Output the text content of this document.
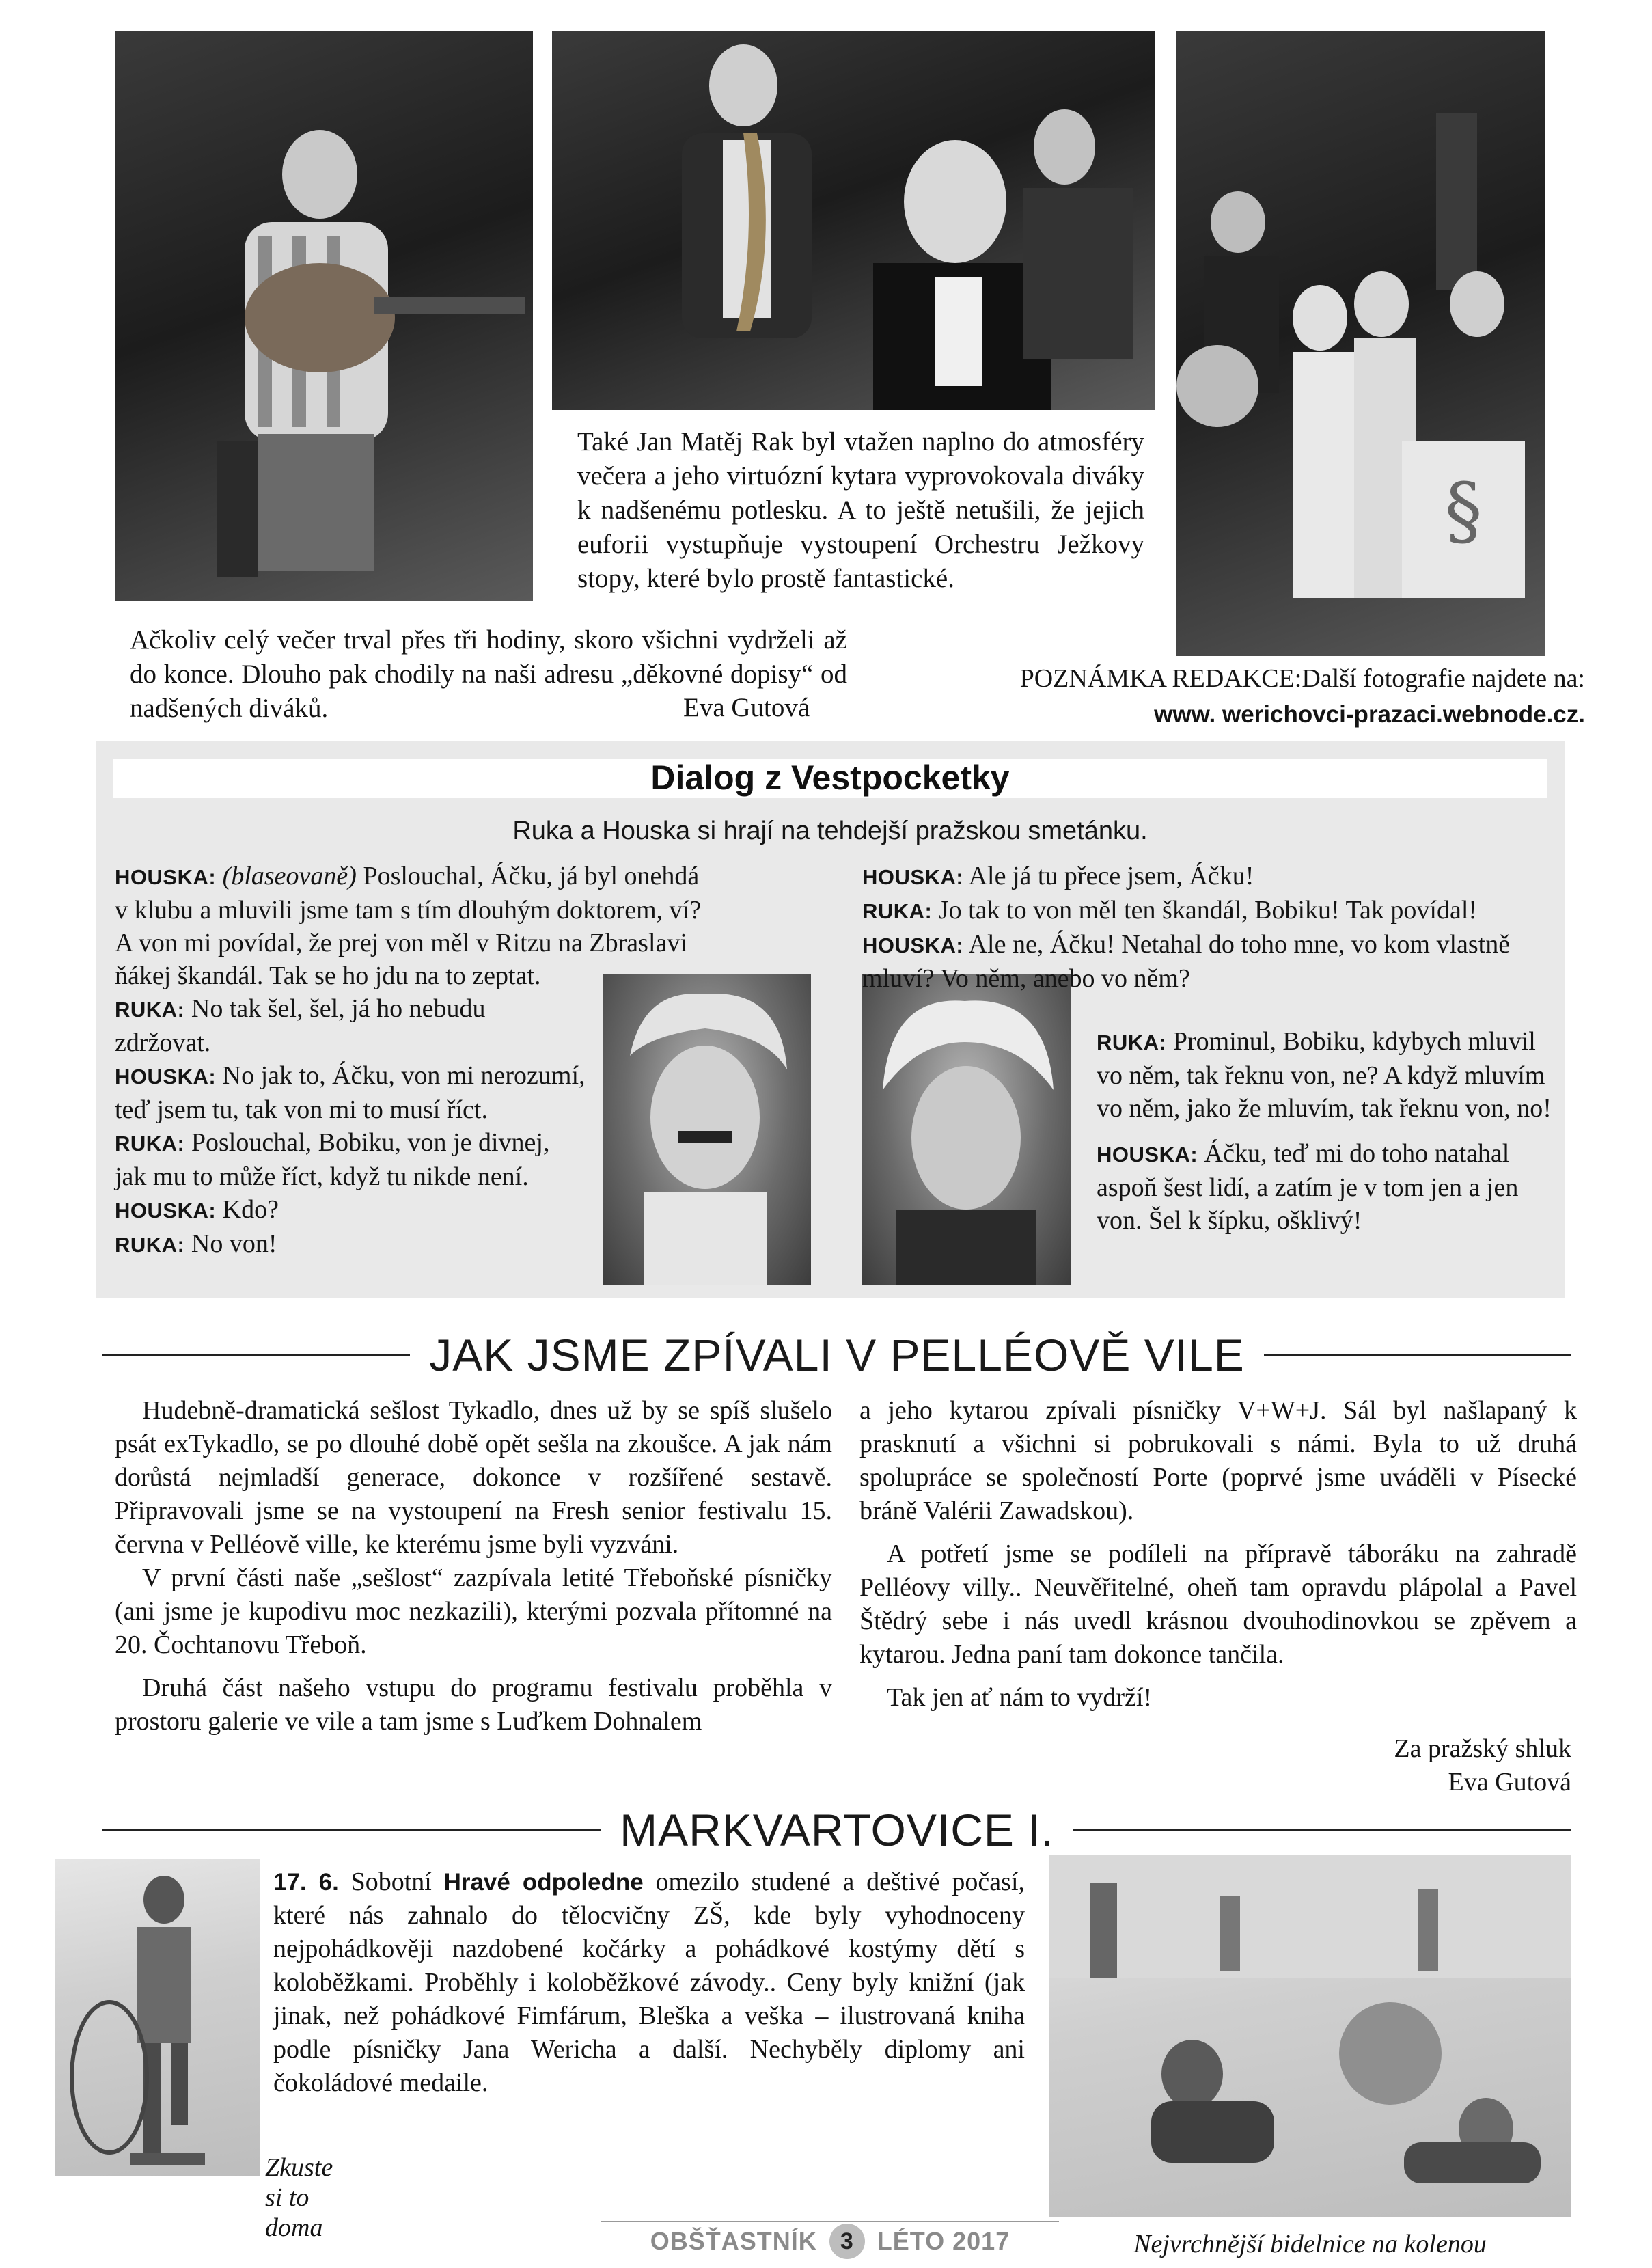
§
Také Jan Matěj Rak byl vtažen naplno do atmosféry večera a jeho virtuózní kytara vyprovokovala diváky k nadšenému potlesku. A to ještě netušili, že jejich euforii vystupňuje vystoupení Orchestru Ježkovy stopy, které bylo prostě fantastické.
Ačkoliv celý večer trval přes tři hodiny, skoro všichni vydrželi až do konce. Dlouho pak chodily na naši adresu „děkovné dopisy“ od nadšených diváků.	Eva Gutová
POZNÁMKA REDAKCE:Další fotografie najdete na:
www. werichovci-prazaci.webnode.cz.
Dialog z Vestpocketky
Ruka a Houska si hrají na tehdejší pražskou smetánku.

HOUSKA: (blaseovaně) Poslouchal, Áčku, já byl onehdá v klubu a mluvili jsme tam s tím dlouhým doktorem, ví? A von mi povídal, že prej von měl v Ritzu na Zbraslavi ňákej škandál. Tak se ho jdu na to zeptat.

RUKA: No tak šel, šel, já ho nebudu zdržovat.

HOUSKA: No jak to, Áčku, von mi nerozumí, teď jsem tu, tak von mi to musí říct.

RUKA: Poslouchal, Bobiku, von je divnej, jak mu to může říct, když tu nikde není.

HOUSKA: Kdo?

RUKA: No von!

HOUSKA: Ale já tu přece jsem, Áčku!

RUKA: Jo tak to von měl ten škandál, Bobiku! Tak povídal!

HOUSKA: Ale ne, Áčku! Netahal do toho mne, vo kom vlastně mluví? Vo něm, anebo vo něm?

RUKA: Prominul, Bobiku, kdybych mluvil vo něm, tak řeknu von, ne? A když mluvím vo něm, jako že mluvím, tak řeknu von, no!

HOUSKA: Áčku, teď mi do toho natahal aspoň šest lidí, a zatím je v tom jen a jen von. Šel k šípku, ošklivý!

JAK JSME ZPÍVALI V PELLÉOVĚ VILE

Hudebně-dramatická sešlost Tykadlo, dnes už by se spíš slušelo psát exTykadlo, se po dlouhé době opět sešla na zkoušce. A jak nám dorůstá nejmladší generace, dokonce v rozšířené sestavě. Připravovali jsme se na vystoupení na Fresh senior festivalu 15. června v Pelléově ville, ke kterému jsme byli vyzváni.

V první části naše „sešlost“ zazpívala letité Třeboňské písničky (ani jsme je kupodivu moc nezkazili), kterými pozvala přítomné na 20. Čochtanovu Třeboň.

Druhá část našeho vstupu do programu festivalu proběhla v prostoru galerie ve vile a tam jsme s Luďkem Dohnalem

a jeho kytarou zpívali písničky V+W+J. Sál byl našlapaný k prasknutí a všichni si pobrukovali s námi. Byla to už druhá spolupráce se společností Porte (poprvé jsme uváděli v Písecké bráně Valérii Zawadskou).

A potřetí jsme se podíleli na přípravě táboráku na zahradě Pelléovy villy.. Neuvěřitelné, oheň tam opravdu plápolal a Pavel Štědrý sebe i nás uvedl krásnou dvouhodinovkou se zpěvem a kytarou. Jedna paní tam dokonce tančila.

Tak jen ať nám to vydrží!

Za pražský shluk
Eva Gutová
MARKVARTOVICE I.
Zkuste
si to
doma
17. 6. Sobotní Hravé odpoledne omezilo studené a deštivé počasí, které nás zahnalo do tělocvičny ZŠ, kde byly vyhodnoceny nejpohádkověji nazdobené kočárky a pohádkové kostýmy dětí s koloběžkami. Proběhly i koloběžkové závody.. Ceny byly knižní (jak jinak, než pohádkové Fimfárum, Bleška a veška – ilustrovaná kniha podle písničky Jana Wericha a další. Nechyběly diplomy ani čokoládové medaile.
Nejvrchnější bidelnice na kolenou
OBŠŤASTNÍK	3 LÉTO 2017
